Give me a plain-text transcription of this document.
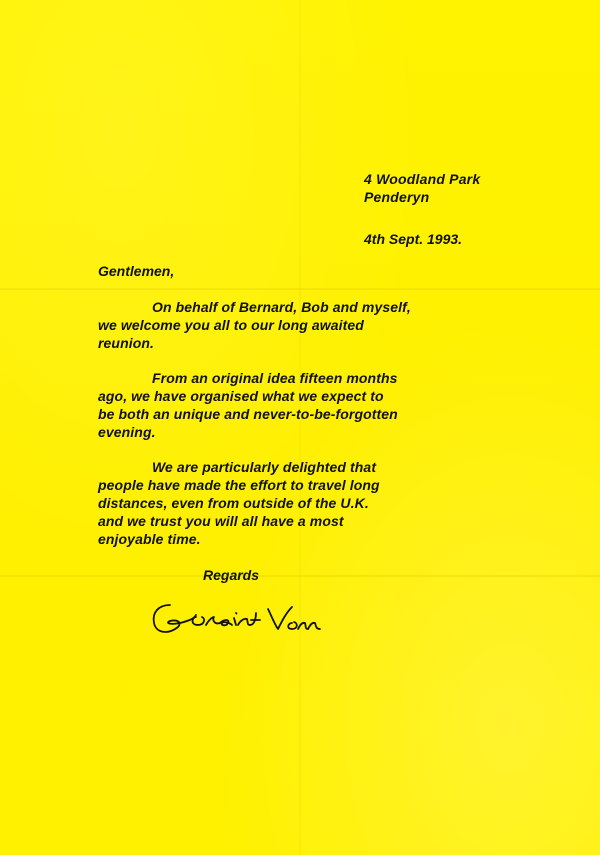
4 Woodland Park
Penderyn
4th Sept. 1993.
Gentlemen,
On behalf of Bernard, Bob and myself,
we welcome you all to our long awaited
reunion.
From an original idea fifteen months
ago, we have organised what we expect to
be both an unique and never-to-be-forgotten
evening.
We are particularly delighted that
people have made the effort to travel long
distances, even from outside of the U.K.
and we trust you will all have a most
enjoyable time.
Regards
